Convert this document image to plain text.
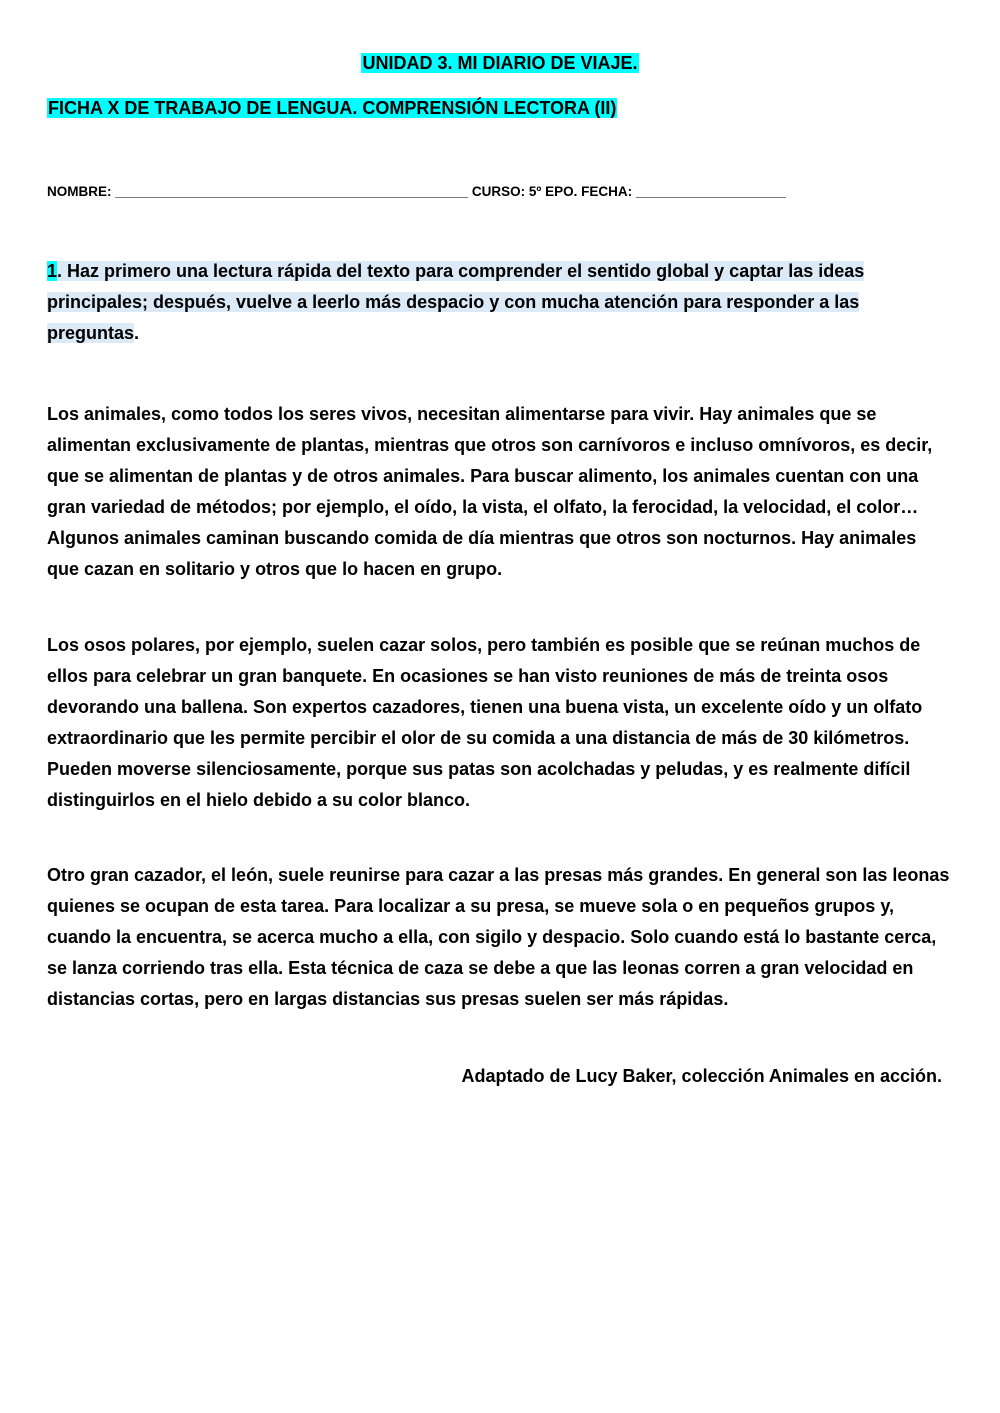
UNIDAD 3. MI DIARIO DE VIAJE.
FICHA X DE TRABAJO DE LENGUA. COMPRENSIÓN LECTORA (II)
NOMBRE: _______________________________________________ CURSO: 5º EPO. FECHA: ____________________
1. Haz primero una lectura rápida del texto para comprender el sentido global y captar las ideas principales; después, vuelve a leerlo más despacio y con mucha atención para responder a las preguntas.

Los animales, como todos los seres vivos, necesitan alimentarse para vivir. Hay animales que se alimentan exclusivamente de plantas, mientras que otros son carnívoros e incluso omnívoros, es decir, que se alimentan de plantas y de otros animales. Para buscar alimento, los animales cuentan con una gran variedad de métodos; por ejemplo, el oído, la vista, el olfato, la ferocidad, la velocidad, el color… Algunos animales caminan buscando comida de día mientras que otros son nocturnos. Hay animales que cazan en solitario y otros que lo hacen en grupo.

Los osos polares, por ejemplo, suelen cazar solos, pero también es posible que se reúnan muchos de ellos para celebrar un gran banquete. En ocasiones se han visto reuniones de más de treinta osos devorando una ballena. Son expertos cazadores, tienen una buena vista, un excelente oído y un olfato extraordinario que les permite percibir el olor de su comida a una distancia de más de 30 kilómetros. Pueden moverse silenciosamente, porque sus patas son acolchadas y peludas, y es realmente difícil distinguirlos en el hielo debido a su color blanco.

Otro gran cazador, el león, suele reunirse para cazar a las presas más grandes. En general son las leonas quienes se ocupan de esta tarea. Para localizar a su presa, se mueve sola o en pequeños grupos y, cuando la encuentra, se acerca mucho a ella, con sigilo y despacio. Solo cuando está lo bastante cerca, se lanza corriendo tras ella. Esta técnica de caza se debe a que las leonas corren a gran velocidad en distancias cortas, pero en largas distancias sus presas suelen ser más rápidas.

Adaptado de Lucy Baker, colección Animales en acción.
